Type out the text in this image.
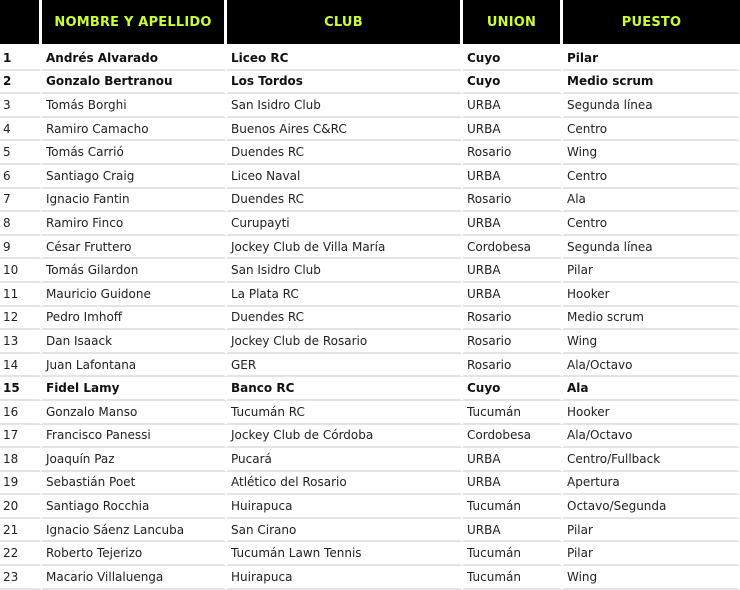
	NOMBRE Y APELLIDO	CLUB	UNION	PUESTO
1	Andrés Alvarado	Liceo RC	Cuyo	Pilar
2	Gonzalo Bertranou	Los Tordos	Cuyo	Medio scrum
3	Tomás Borghi	San Isidro Club	URBA	Segunda línea
4	Ramiro Camacho	Buenos Aires C&RC	URBA	Centro
5	Tomás Carrió	Duendes RC	Rosario	Wing
6	Santiago Craig	Liceo Naval	URBA	Centro
7	Ignacio Fantin	Duendes RC	Rosario	Ala
8	Ramiro Finco	Curupayti	URBA	Centro
9	César Fruttero	Jockey Club de Villa María	Cordobesa	Segunda línea
10	Tomás Gilardon	San Isidro Club	URBA	Pilar
11	Mauricio Guidone	La Plata RC	URBA	Hooker
12	Pedro Imhoff	Duendes RC	Rosario	Medio scrum
13	Dan Isaack	Jockey Club de Rosario	Rosario	Wing
14	Juan Lafontana	GER	Rosario	Ala/Octavo
15	Fidel Lamy	Banco RC	Cuyo	Ala
16	Gonzalo Manso	Tucumán RC	Tucumán	Hooker
17	Francisco Panessi	Jockey Club de Córdoba	Cordobesa	Ala/Octavo
18	Joaquín Paz	Pucará	URBA	Centro/Fullback
19	Sebastián Poet	Atlético del Rosario	URBA	Apertura
20	Santiago Rocchia	Huirapuca	Tucumán	Octavo/Segunda
21	Ignacio Sáenz Lancuba	San Cirano	URBA	Pilar
22	Roberto Tejerizo	Tucumán Lawn Tennis	Tucumán	Pilar
23	Macario Villaluenga	Huirapuca	Tucumán	Wing
